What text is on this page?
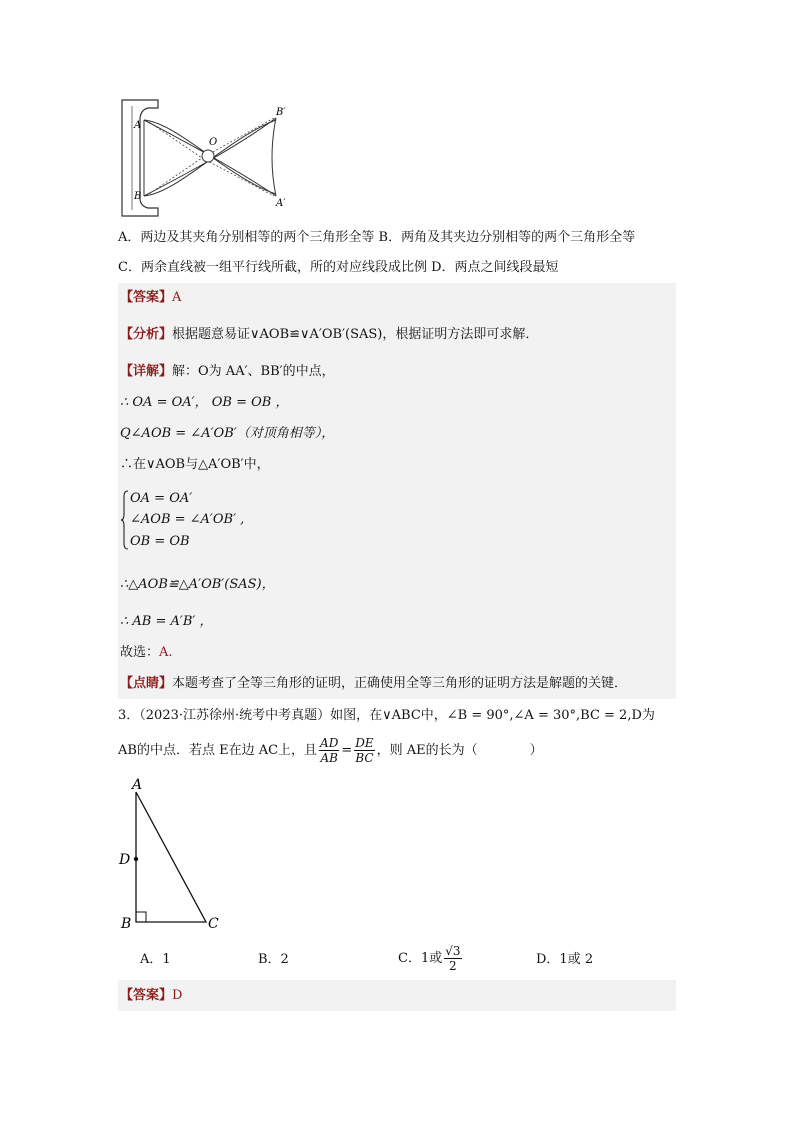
A
B
O
B′
A′
A．两边及其夹角分别相等的两个三角形全等 B．两角及其夹边分别相等的两个三角形全等
C．两余直线被一组平行线所截，所的对应线段成比例 D．两点之间线段最短
【答案】A
【分析】根据题意易证∨AOB≌∨A′OB′(SAS)，根据证明方法即可求解．
【详解】解：O为 AA′、BB′的中点，
∴ OA = OA′， OB = OB ，
Q∠AOB = ∠A′OB′（对顶角相等），
∴在∨AOB与△A′OB′中，
OA = OA′
∠AOB = ∠A′OB′ ,
OB = OB
∴△AOB≌△A′OB′(SAS)，
∴ AB = A′B′ ，
故选：A.
【点睛】本题考查了全等三角形的证明，正确使用全等三角形的证明方法是解题的关键．
3．（2023·江苏徐州·统考中考真题）如图，在∨ABC中，∠B = 90°,∠A = 30°,BC = 2,D为
AB的中点．若点 E在边 AC上，且 $\frac{AD}{AB} = \frac{DE}{BC}$ ，则 AE的长为（　　　　）
A
D
B	C
A．1	B．2	C．1或 $\frac{√3}{2}$	D．1或 2
【答案】D
